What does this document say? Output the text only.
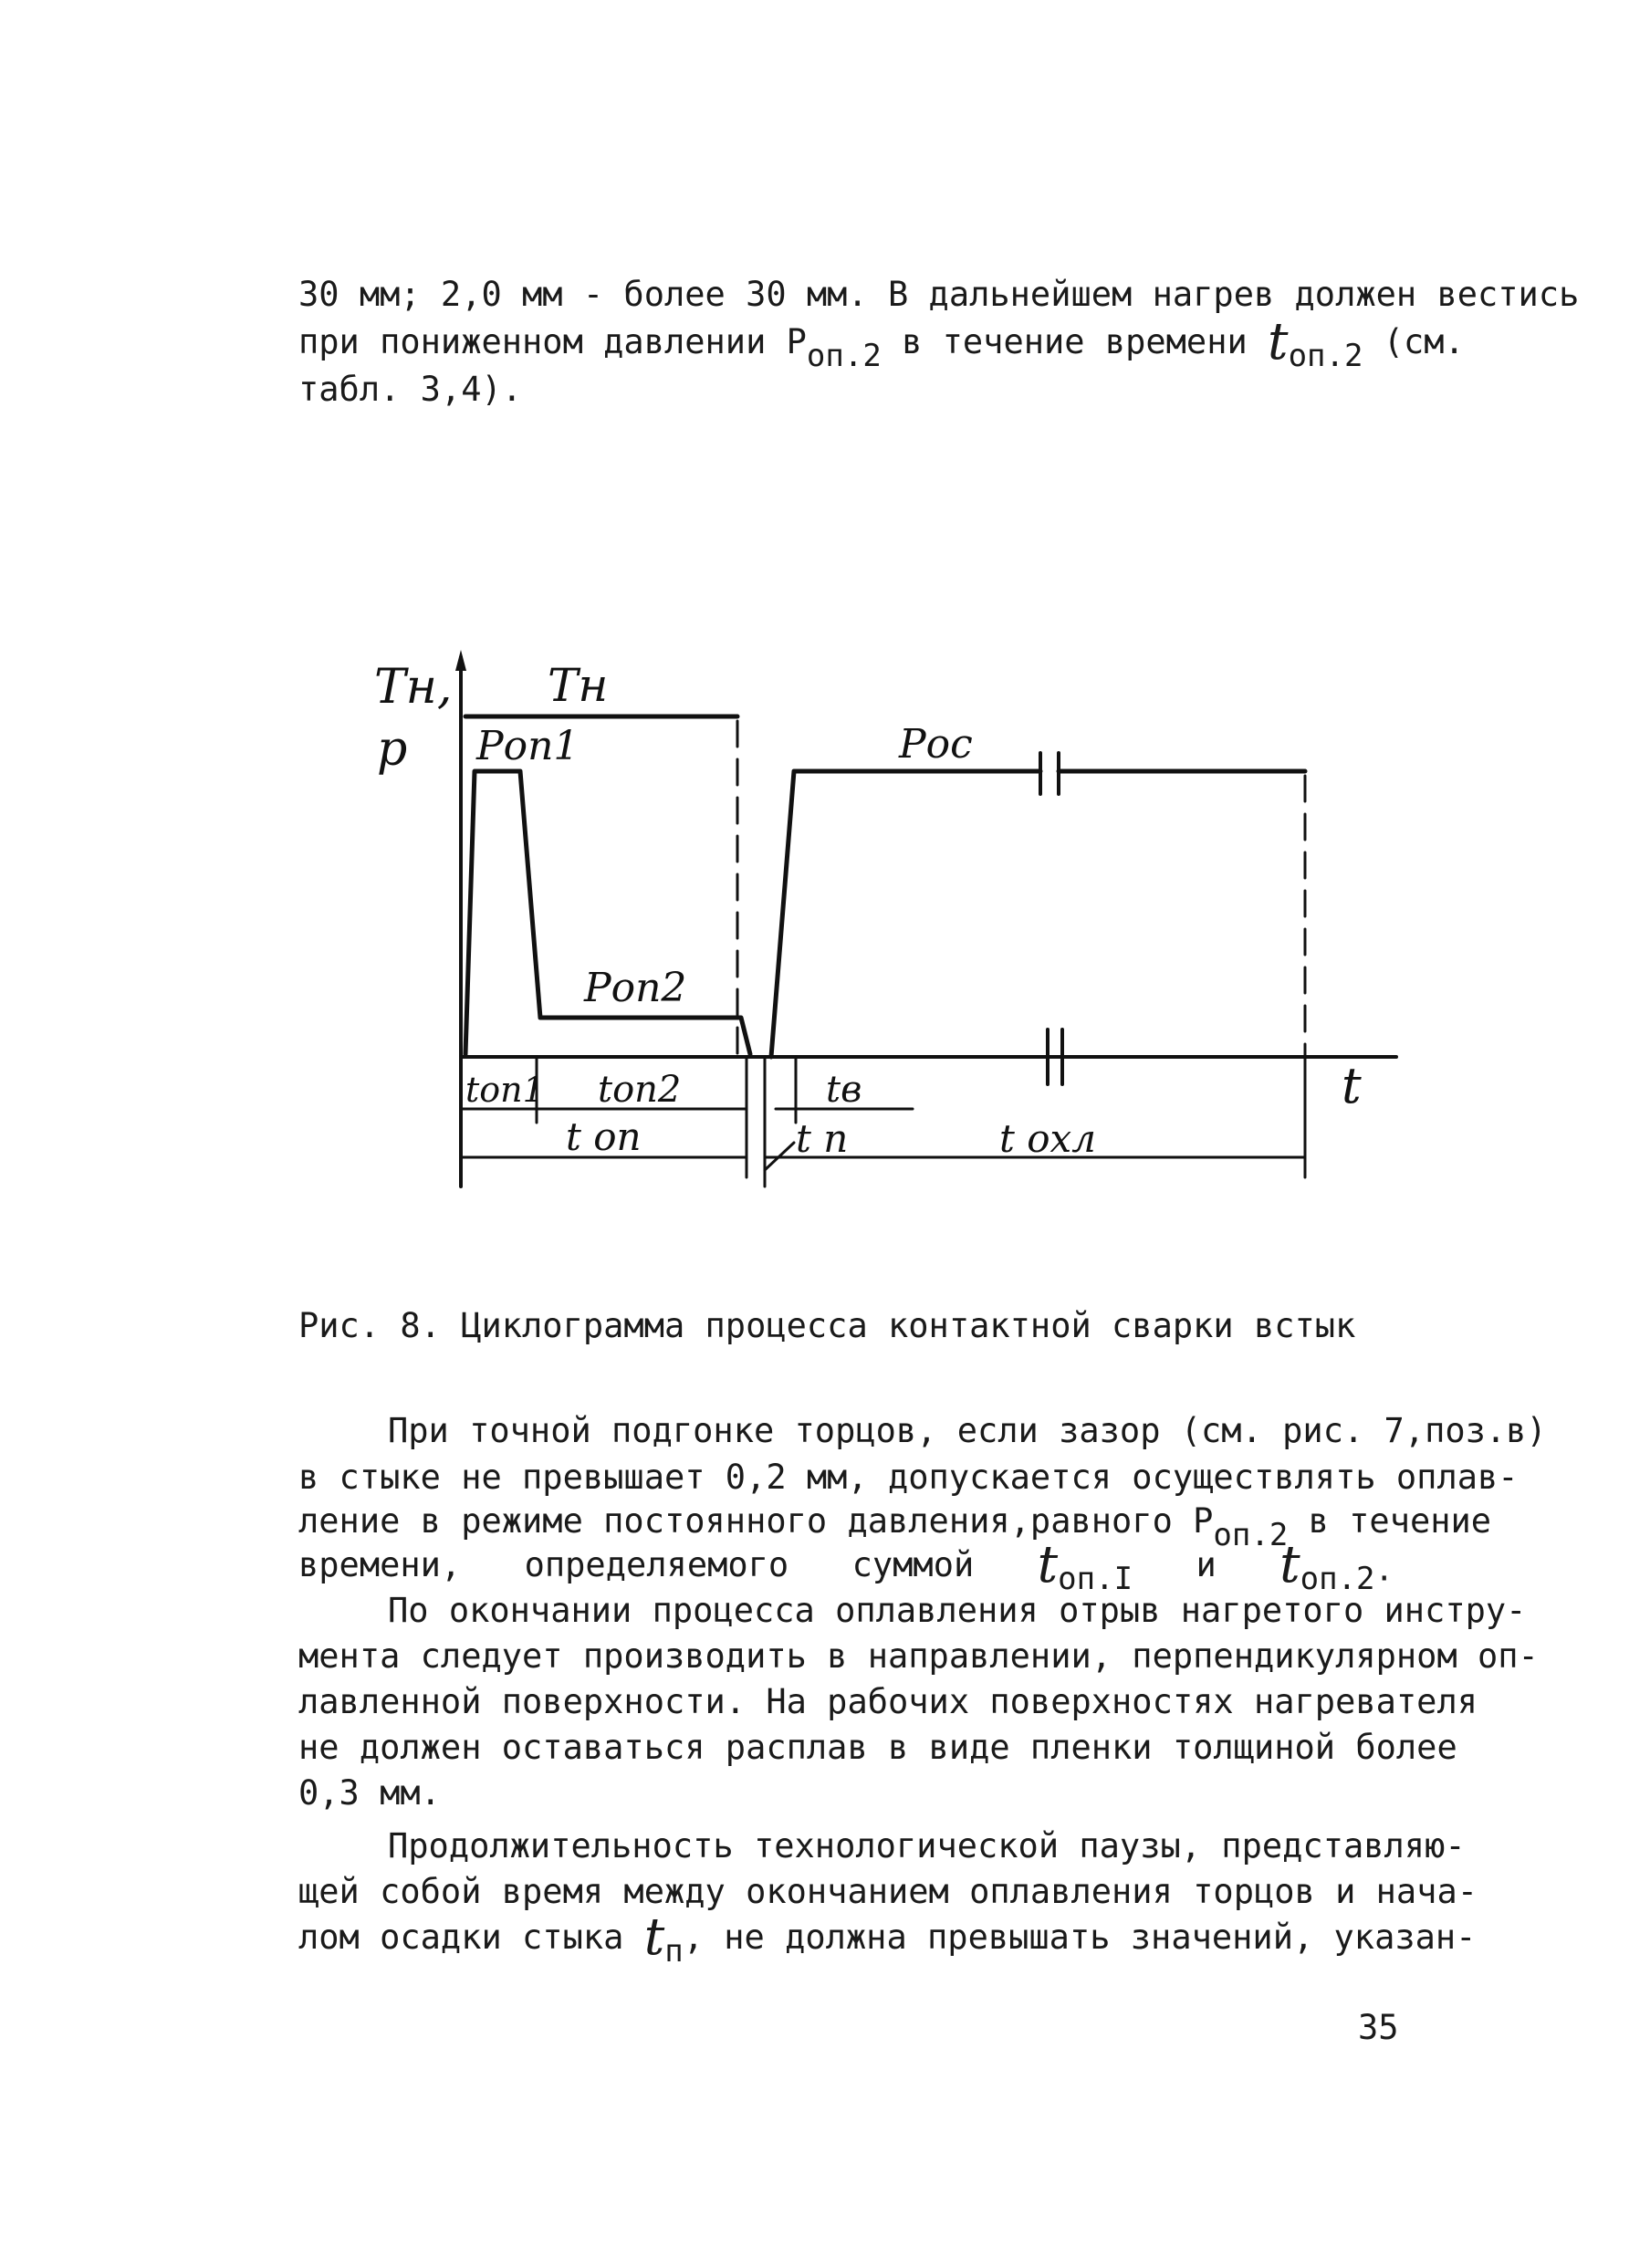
30 мм; 2,0 мм - более 30 мм. В дальнейшем нагрев должен вестись
при пониженном давлении Pоп.2 в течение времени tоп.2 (см.
табл. 3,4).
Tн,
p
Tн
Pоп1
Pоп2
Pос
t
tоп1 tоп2	tв
t оп	t п	t охл
Рис. 8. Циклограмма процесса контактной сварки встык
При точной подгонке торцов, если зазор (см. рис. 7,поз.в)
в стыке не превышает 0,2 мм, допускается осуществлять оплав-
ление в режиме постоянного давления,равного Pоп.2 в течение
времени, определяемого суммой tоп.I и tоп.2·
По окончании процесса оплавления отрыв нагретого инстру-
мента следует производить в направлении, перпендикулярном оп-
лавленной поверхности. На рабочих поверхностях нагревателя
не должен оставаться расплав в виде пленки толщиной более
0,3 мм.
Продолжительность технологической паузы, представляю-
щей собой время между окончанием оплавления торцов и нача-
лом осадки стыка tп, не должна превышать значений, указан-
35
